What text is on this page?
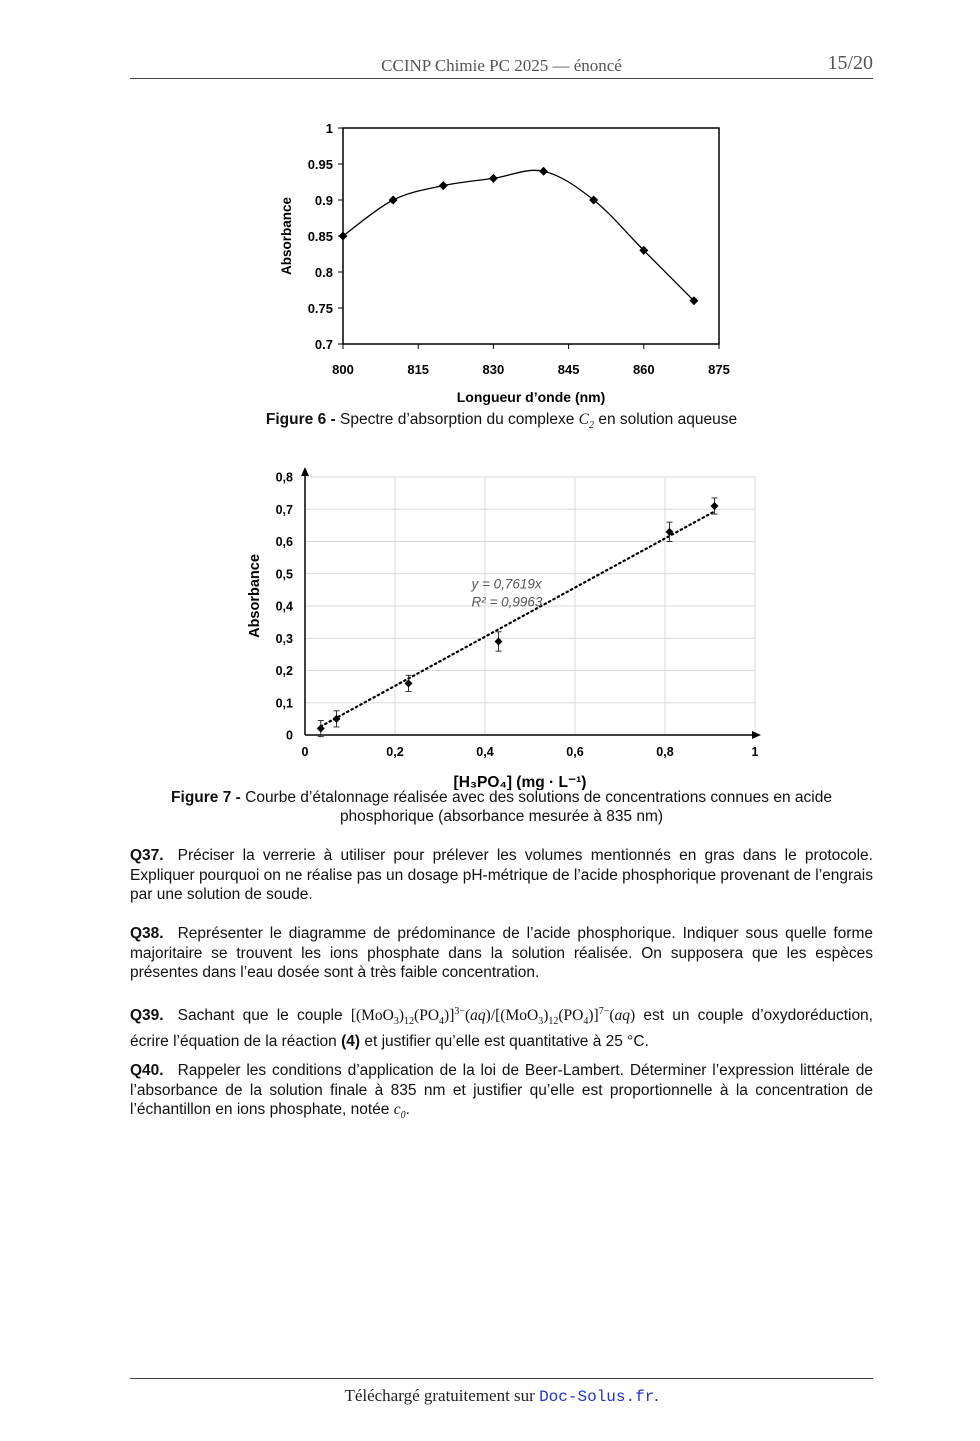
CCINP Chimie PC 2025 — énoncé	15/20
1
0.95
0.9
0.85
0.8
0.75
0.7
800	815	830	845	860	875
Longueur d’onde (nm)
Absorbance
Figure 6 - Spectre d’absorption du complexe $C_2$ en solution aqueuse
0
0,1
0,2
0,3
0,4
0,5
0,6
0,7
0,8
0	0,2	0,4	0,6	0,8	1
y = 0,7619x
R² = 0,9963
[H₃PO₄] (mg · L⁻¹)
Absorbance
Figure 7 - Courbe d’étalonnage réalisée avec des solutions de concentrations connues en acide
phosphorique (absorbance mesurée à 835 nm)
Q37. Préciser la verrerie à utiliser pour prélever les volumes mentionnés en gras dans le protocole. Expliquer pourquoi on ne réalise pas un dosage pH-métrique de l’acide phosphorique provenant de l’engrais par une solution de soude.
Q38. Représenter le diagramme de prédominance de l’acide phosphorique. Indiquer sous quelle forme majoritaire se trouvent les ions phosphate dans la solution réalisée. On supposera que les espèces présentes dans l’eau dosée sont à très faible concentration.
Q39. Sachant que le couple $[(MoO_3)_{12}(PO_4)]^{3-}(aq)/[(MoO_3)_{12}(PO_4)]^{7-}(aq)$ est un couple d’oxydoréduction, écrire l’équation de la réaction (4) et justifier qu’elle est quantitative à 25 °C.
Q40. Rappeler les conditions d’application de la loi de Beer-Lambert. Déterminer l’expression littérale de l’absorbance de la solution finale à 835 nm et justifier qu’elle est proportionnelle à la concentration de l’échantillon en ions phosphate, notée $c_0$.
Téléchargé gratuitement sur Doc-Solus.fr.
